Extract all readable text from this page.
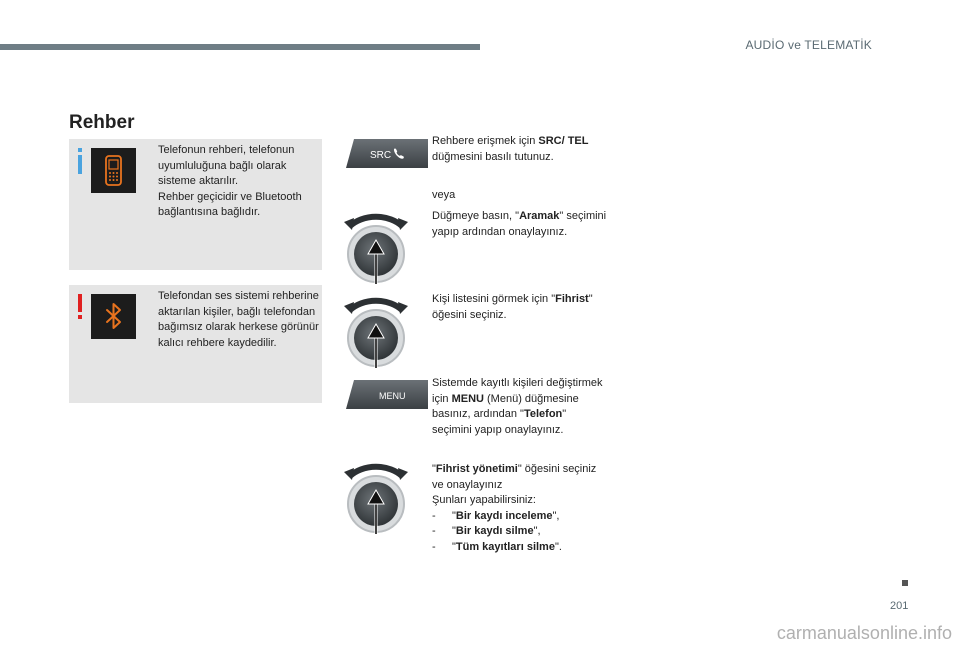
AUDİO ve TELEMATİK
Rehber

Telefonun rehberi, telefonun uyumluluğuna bağlı olarak sisteme aktarılır.

Rehber geçicidir ve Bluetooth bağlantısına bağlıdır.

Telefondan ses sistemi rehberine aktarılan kişiler, bağlı telefondan bağımsız olarak herkese görünür kalıcı rehbere kaydedilir.
SRC
MENU
Rehbere erişmek için SRC/ TEL düğmesini basılı tutunuz.
veya
Düğmeye basın, "Aramak" seçimini yapıp ardından onaylayınız.
Kişi listesini görmek için "Fihrist" öğesini seçiniz.
Sistemde kayıtlı kişileri değiştirmek için MENU (Menü) düğmesine basınız, ardından "Telefon" seçimini yapıp onaylayınız.
"Fihrist yönetimi" öğesini seçiniz ve onaylayınız
Şunları yapabilirsiniz:
- "Bir kaydı inceleme",
- "Bir kaydı silme",
- "Tüm kayıtları silme".
201
carmanualsonline.info
